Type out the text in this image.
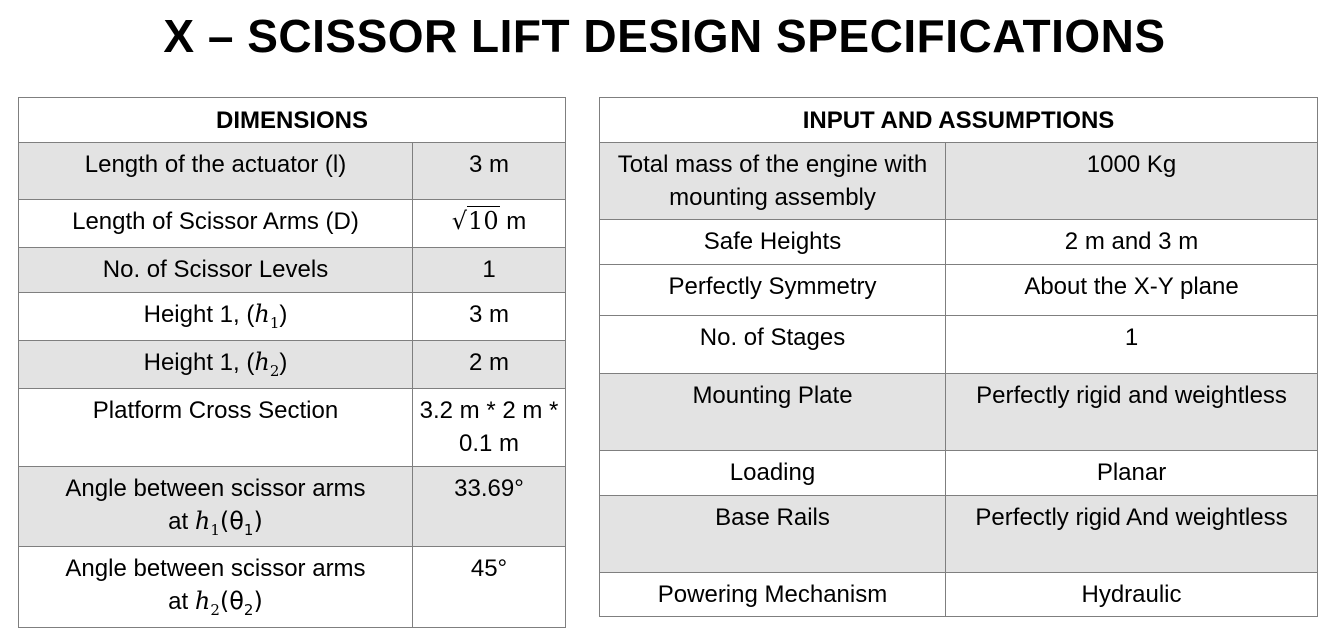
X – SCISSOR LIFT DESIGN SPECIFICATIONS
DIMENSIONS	
Length of the actuator (l)	3 m
Length of Scissor Arms (D)	√10 m
No. of Scissor Levels	1
Height 1, $(h_1)$	3 m
Height 1, $(h_2)$	2 m
Platform Cross Section	3.2 m * 2 m * 0.1 m
Angle between scissor arms
at $h_1(\theta_1)$	33.69°
Angle between scissor arms
at $h_2(\theta_2)$	45°
INPUT AND ASSUMPTIONS	
Total mass of the engine with mounting assembly	1000 Kg
Safe Heights	2 m and 3 m
Perfectly Symmetry	About the X-Y plane
No. of Stages	1
Mounting Plate	Perfectly rigid and weightless
Loading	Planar
Base Rails	Perfectly rigid And weightless
Powering Mechanism	Hydraulic
